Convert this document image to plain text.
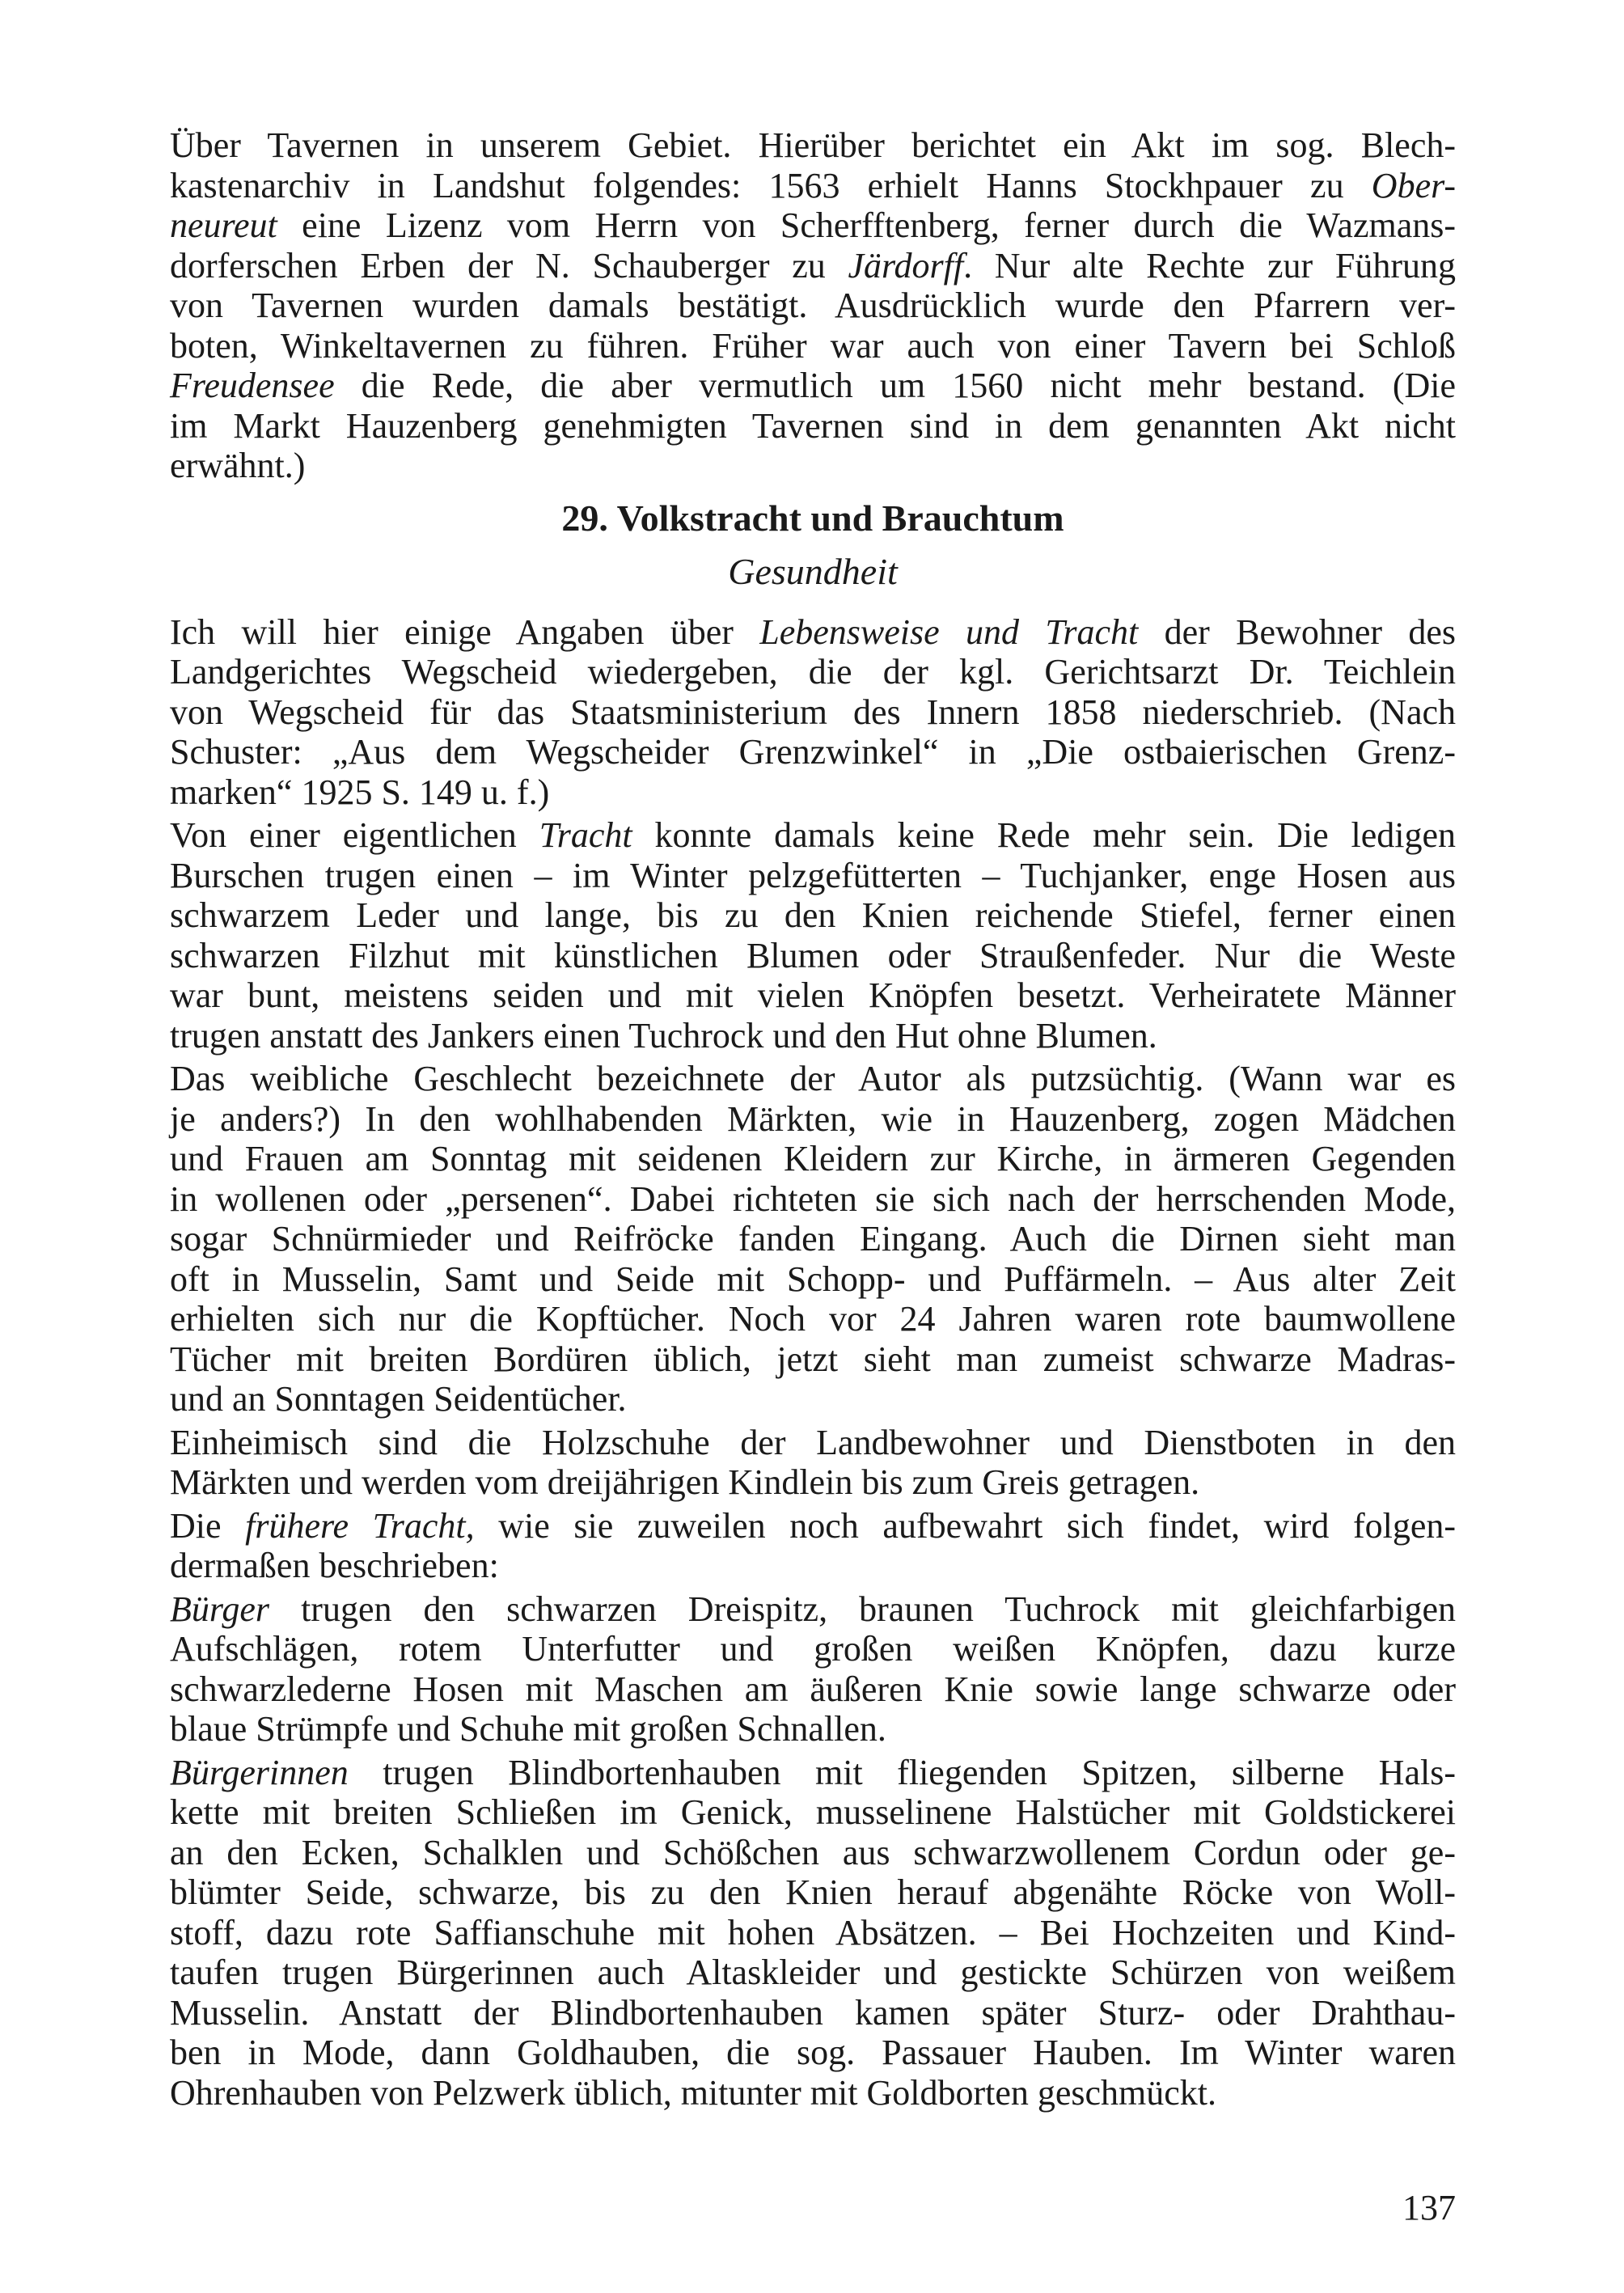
Über Tavernen in unserem Gebiet. Hierüber berichtet ein Akt im sog. Blech-
kastenarchiv in Landshut folgendes: 1563 erhielt Hanns Stockhpauer zu Ober-
neureut eine Lizenz vom Herrn von Scherfftenberg, ferner durch die Wazmans-
dorferschen Erben der N. Schauberger zu Järdorff. Nur alte Rechte zur Führung
von Tavernen wurden damals bestätigt. Ausdrücklich wurde den Pfarrern ver-
boten, Winkeltavernen zu führen. Früher war auch von einer Tavern bei Schloß
Freudensee die Rede, die aber vermutlich um 1560 nicht mehr bestand. (Die
im Markt Hauzenberg genehmigten Tavernen sind in dem genannten Akt nicht
erwähnt.)
29. Volkstracht und Brauchtum
Gesundheit
Ich will hier einige Angaben über Lebensweise und Tracht der Bewohner des
Landgerichtes Wegscheid wiedergeben, die der kgl. Gerichtsarzt Dr. Teichlein
von Wegscheid für das Staatsministerium des Innern 1858 niederschrieb. (Nach
Schuster: „Aus dem Wegscheider Grenzwinkel“ in „Die ostbaierischen Grenz-
marken“ 1925 S. 149 u. f.)
Von einer eigentlichen Tracht konnte damals keine Rede mehr sein. Die ledigen
Burschen trugen einen – im Winter pelzgefütterten – Tuchjanker, enge Hosen aus
schwarzem Leder und lange, bis zu den Knien reichende Stiefel, ferner einen
schwarzen Filzhut mit künstlichen Blumen oder Straußenfeder. Nur die Weste
war bunt, meistens seiden und mit vielen Knöpfen besetzt. Verheiratete Männer
trugen anstatt des Jankers einen Tuchrock und den Hut ohne Blumen.
Das weibliche Geschlecht bezeichnete der Autor als putzsüchtig. (Wann war es
je anders?) In den wohlhabenden Märkten, wie in Hauzenberg, zogen Mädchen
und Frauen am Sonntag mit seidenen Kleidern zur Kirche, in ärmeren Gegenden
in wollenen oder „persenen“. Dabei richteten sie sich nach der herrschenden Mode,
sogar Schnürmieder und Reifröcke fanden Eingang. Auch die Dirnen sieht man
oft in Musselin, Samt und Seide mit Schopp- und Puffärmeln. – Aus alter Zeit
erhielten sich nur die Kopftücher. Noch vor 24 Jahren waren rote baumwollene
Tücher mit breiten Bordüren üblich, jetzt sieht man zumeist schwarze Madras-
und an Sonntagen Seidentücher.
Einheimisch sind die Holzschuhe der Landbewohner und Dienstboten in den
Märkten und werden vom dreijährigen Kindlein bis zum Greis getragen.
Die frühere Tracht, wie sie zuweilen noch aufbewahrt sich findet, wird folgen-
dermaßen beschrieben:
Bürger trugen den schwarzen Dreispitz, braunen Tuchrock mit gleichfarbigen
Aufschlägen, rotem Unterfutter und großen weißen Knöpfen, dazu kurze
schwarzlederne Hosen mit Maschen am äußeren Knie sowie lange schwarze oder
blaue Strümpfe und Schuhe mit großen Schnallen.
Bürgerinnen trugen Blindbortenhauben mit fliegenden Spitzen, silberne Hals-
kette mit breiten Schließen im Genick, musselinene Halstücher mit Goldstickerei
an den Ecken, Schalklen und Schößchen aus schwarzwollenem Cordun oder ge-
blümter Seide, schwarze, bis zu den Knien herauf abgenähte Röcke von Woll-
stoff, dazu rote Saffianschuhe mit hohen Absätzen. – Bei Hochzeiten und Kind-
taufen trugen Bürgerinnen auch Altaskleider und gestickte Schürzen von weißem
Musselin. Anstatt der Blindbortenhauben kamen später Sturz- oder Drahthau-
ben in Mode, dann Goldhauben, die sog. Passauer Hauben. Im Winter waren
Ohrenhauben von Pelzwerk üblich, mitunter mit Goldborten geschmückt.
137
